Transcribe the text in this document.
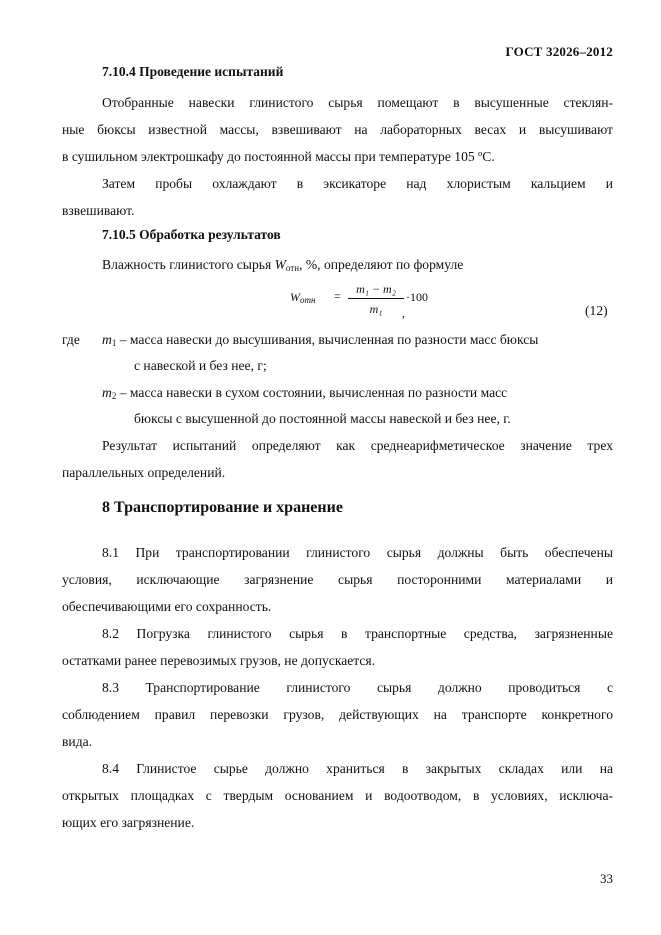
ГОСТ 32026–2012
7.10.4 Проведение испытаний
Отобранные навески глинистого сырья помещают в высушенные стеклян-
ные бюксы известной массы, взвешивают на лабораторных весах и высушивают
в сушильном электрошкафу до постоянной массы при температуре 105 ºС.
Затем пробы охлаждают в эксикаторе над хлористым кальцием и
взвешивают.
7.10.5 Обработка результатов
Влажность глинистого сырья $W_{отн}$, %, определяют по формуле
$W_{отн}$ =	m₁ − m₂
m₁
·100
,	(12)
где $m_1$ – масса навески до высушивания, вычисленная по разности масс бюксы
с навеской и без нее, г;
$m_2$ – масса навески в сухом состоянии, вычисленная по разности масс
бюксы с высушенной до постоянной массы навеской и без нее, г.
Результат испытаний определяют как среднеарифметическое значение трех
параллельных определений.
8 Транспортирование и хранение
8.1 При транспортировании глинистого сырья должны быть обеспечены
условия, исключающие загрязнение сырья посторонними материалами и
обеспечивающими его сохранность.
8.2 Погрузка глинистого сырья в транспортные средства, загрязненные
остатками ранее перевозимых грузов, не допускается.
8.3 Транспортирование глинистого сырья должно проводиться с
соблюдением правил перевозки грузов, действующих на транспорте конкретного
вида.
8.4 Глинистое сырье должно храниться в закрытых складах или на
открытых площадках с твердым основанием и водоотводом, в условиях, исключа-
ющих его загрязнение.
33
